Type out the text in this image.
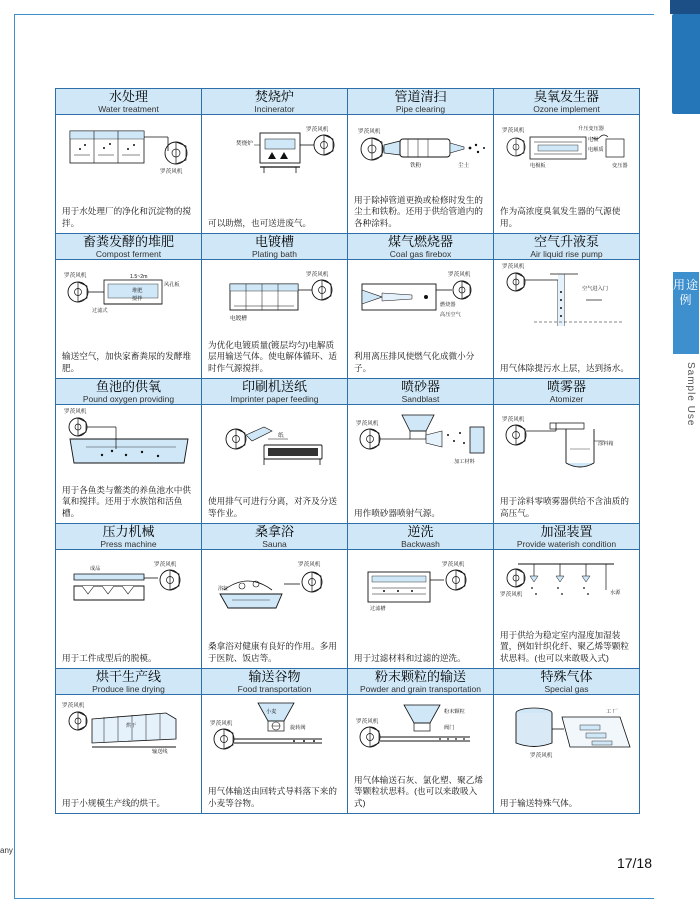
用途例
Sample Use
any
17/18
水处理
Water treatment

焚烧炉
Incinerator

管道清扫
Pipe clearing

臭氧发生器
Ozone implement

罗茨风机
用于水处理厂的净化和沉淀物的搅拌。

罗茨风机
焚烧炉
可以助燃，也可送进废气。

罗茨风机
铁粉	尘土
用于除掉管道更换或检修时发生的尘土和铁粉。还用于供给管道内的各种涂料。

罗茨风机
电极
电解质
电极板
升压变压器
变压器
作为高浓度臭氧发生器的气源使用。

畜粪发酵的堆肥
Compost ferment

电镀槽
Plating bath

煤气燃烧器
Coal gas firebox

空气升液泵
Air liquid rise pump

罗茨风机	1.5~2m
风孔板
过滤式
堆肥
搅拌
输送空气，加快家畜粪尿的发酵堆肥。

罗茨风机
电镀槽
为优化电镀质量(镀层均匀)电解质层用输送气体。使电解体循环、适时作气源搅拌。

罗茨风机
燃烧器
高压空气
利用离压排风使燃气化成微小分子。

罗茨风机
空气进入门
用气体除提污水上层，达到扬水。

鱼池的供氧
Pound oxygen providing

印刷机送纸
Imprinter paper feeding

喷砂器
Sandblast

喷雾器
Atomizer

罗茨风机
用于各鱼类与鳖类的养鱼池水中供氧和搅拌。还用于水族馆和活鱼槽。

纸
使用排气可进行分离，对齐及分送等作业。

罗茨风机
加工材料
用作喷砂器喷射气源。

罗茨风机
涂料箱
用于涂料零喷雾器供给不含油质的高压气。

压力机械
Press machine

桑拿浴
Sauna

逆洗
Backwash

加湿装置
Provide waterish condition

成品
罗茨风机
用于工件成型后的脱模。

浴缸
罗茨风机
桑拿浴对健康有良好的作用。多用于医院、饭店等。

过滤槽
罗茨风机
用于过滤材料和过滤的逆洗。

罗茨风机	水源
用于供给为稳定室内湿度加湿装置，例如针织化纤、聚乙烯等颗粒状思料。(也可以来敢吸入式)

烘干生产线
Produce line drying

输送谷物
Food transportation

粉末颗粒的输送
Powder and grain transportation

特殊气体
Special gas

罗茨风机
烘干
输送线
用于小规模生产线的烘干。

小麦
旋转阀
罗茨风机
用气体输送由回转式导料落下来的小麦等谷物。

粉末颗粒
阀门
罗茨风机
用气体输送石灰、氯化塑、聚乙烯等颗粒状思料。(也可以来敢吸入式)

工 厂
罗茨风机
用于输送特殊气体。
